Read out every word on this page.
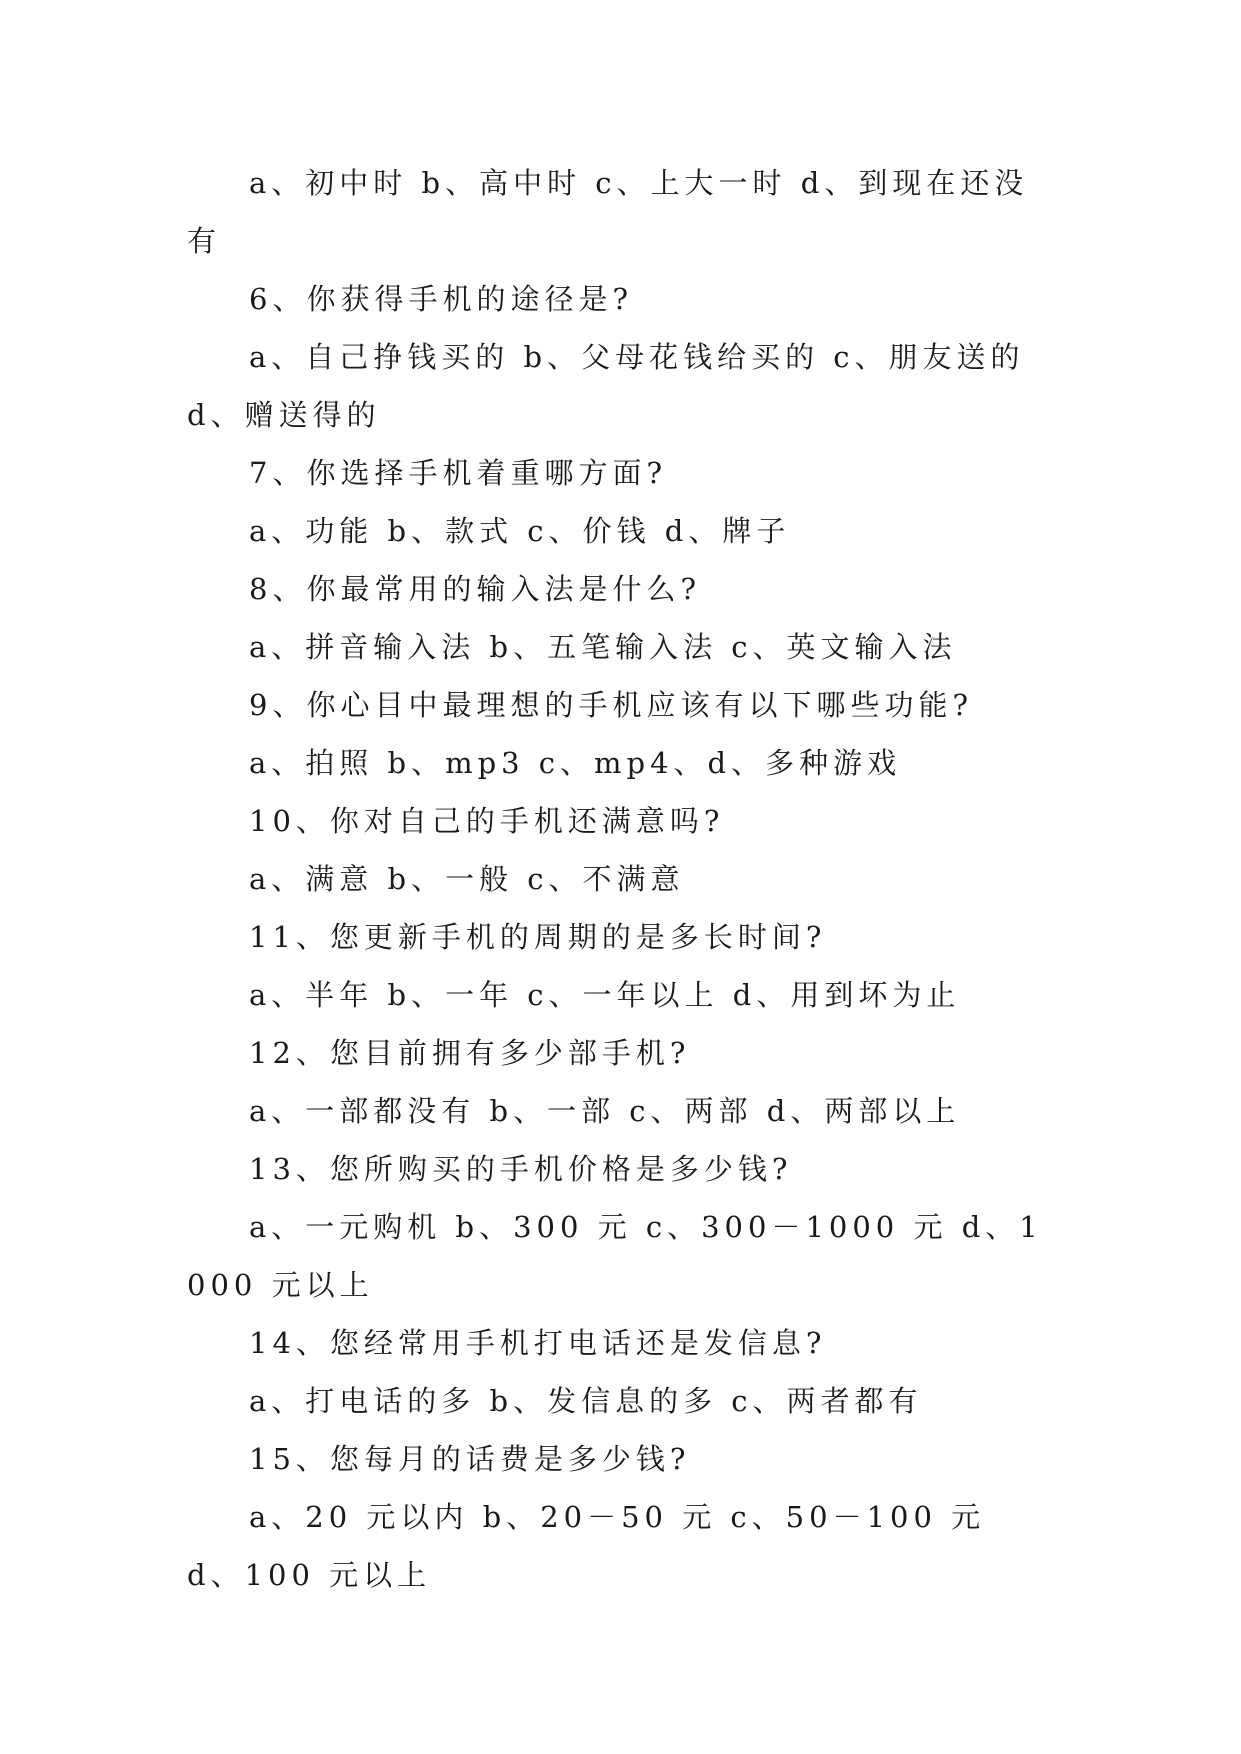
a、初中时 b、高中时 c、上大一时 d、到现在还没有

6、你获得手机的途径是?

a、自己挣钱买的 b、父母花钱给买的 c、朋友送的 d、赠送得的

7、你选择手机着重哪方面?

a、功能 b、款式 c、价钱 d、牌子

8、你最常用的输入法是什么?

a、拼音输入法 b、五笔输入法 c、英文输入法

9、你心目中最理想的手机应该有以下哪些功能?

a、拍照 b、mp3 c、mp4、d、多种游戏

10、你对自己的手机还满意吗?

a、满意 b、一般 c、不满意

11、您更新手机的周期的是多长时间?

a、半年 b、一年 c、一年以上 d、用到坏为止

12、您目前拥有多少部手机?

a、一部都没有 b、一部 c、两部 d、两部以上

13、您所购买的手机价格是多少钱?

a、一元购机 b、300 元 c、300－1000 元 d、1000 元以上

14、您经常用手机打电话还是发信息?

a、打电话的多 b、发信息的多 c、两者都有

15、您每月的话费是多少钱?

a、20 元以内 b、20－50 元 c、50－100 元 d、100 元以上
